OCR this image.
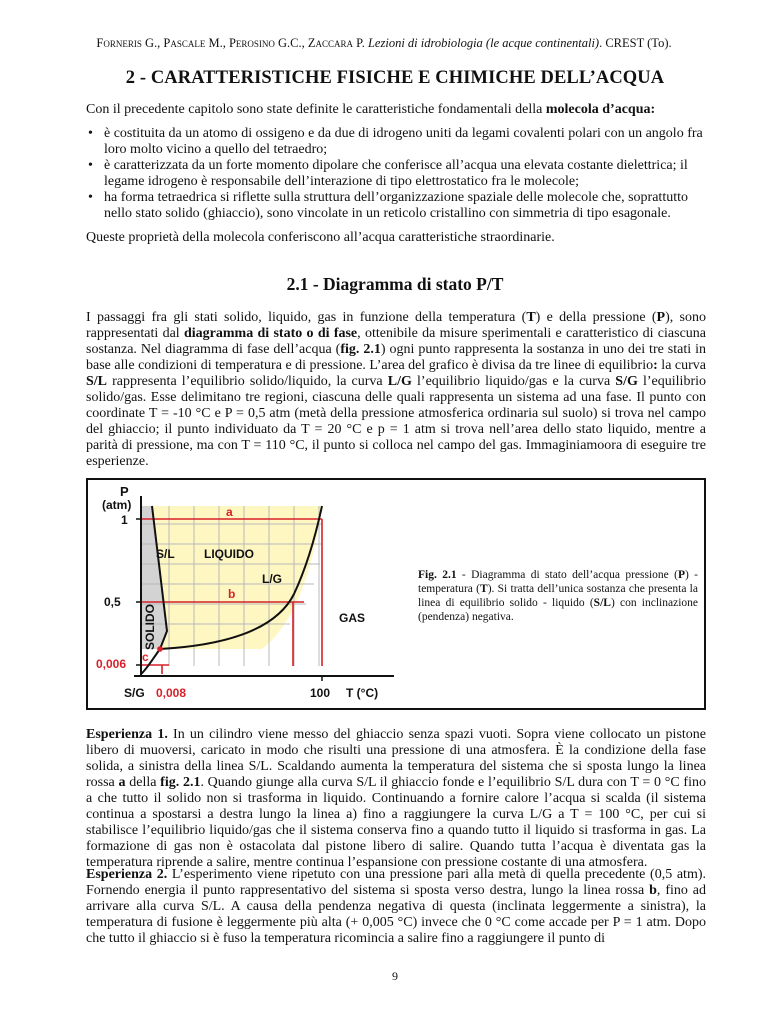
Forneris G., Pascale M., Perosino G.C., Zaccara P. Lezioni di idrobiologia (le acque continentali). CREST (To).
2 - CARATTERISTICHE FISICHE E CHIMICHE DELL’ACQUA
Con il precedente capitolo sono state definite le caratteristiche fondamentali della molecola d’acqua:
• è costituita da un atomo di ossigeno e da due di idrogeno uniti da legami covalenti polari con un angolo fra loro molto vicino a quello del tetraedro;
• è caratterizzata da un forte momento dipolare che conferisce all’acqua una elevata costante dielettrica; il legame idrogeno è responsabile dell’interazione di tipo elettrostatico fra le molecole;
• ha forma tetraedrica si riflette sulla struttura dell’organizzazione spaziale delle molecole che, soprattutto nello stato solido (ghiaccio), sono vincolate in un reticolo cristallino con simmetria di tipo esagonale.
Queste proprietà della molecola conferiscono all’acqua caratteristiche straordinarie.
2.1 - Diagramma di stato P/T
I passaggi fra gli stati solido, liquido, gas in funzione della temperatura (T) e della pressione (P), sono rappresentati dal diagramma di stato o di fase, ottenibile da misure sperimentali e caratteristico di ciascuna sostanza. Nel diagramma di fase dell’acqua (fig. 2.1) ogni punto rappresenta la sostanza in uno dei tre stati in base alle condizioni di temperatura e di pressione. L’area del grafico è divisa da tre linee di equilibrio: la curva S/L rappresenta l’equilibrio solido/liquido, la curva L/G l’equilibrio liquido/gas e la curva S/G l’equilibrio solido/gas. Esse delimitano tre regioni, ciascuna delle quali rappresenta un sistema ad una fase. Il punto con coordinate T = -10 °C e P = 0,5 atm (metà della pressione atmosferica ordinaria sul suolo) si trova nel campo del ghiaccio; il punto individuato da T = 20 °C e p = 1 atm si trova nell’area dello stato liquido, mentre a parità di pressione, ma con T = 110 °C, il punto si colloca nel campo del gas. Immaginiamoora di eseguire tre esperienze.
P
(atm)
1
0,5
0,006
S/G 0,008	100 T (°C)
S/L LIQUIDO
L/G
GAS
SOLIDO
a
b
c
Fig. 2.1 - Diagramma di stato dell’acqua pressione (P) - temperatura (T). Si tratta dell’unica sostanza che presenta la linea di equilibrio solido - liquido (S/L) con inclinazione (pendenza) negativa.
Esperienza 1. In un cilindro viene messo del ghiaccio senza spazi vuoti. Sopra viene collocato un pistone libero di muoversi, caricato in modo che risulti una pressione di una atmosfera. È la condizione della fase solida, a sinistra della linea S/L. Scaldando aumenta la temperatura del sistema che si sposta lungo la linea rossa a della fig. 2.1. Quando giunge alla curva S/L il ghiaccio fonde e l’equilibrio S/L dura con T = 0 °C fino a che tutto il solido non si trasforma in liquido. Continuando a fornire calore l’acqua si scalda (il sistema continua a spostarsi a destra lungo la linea a) fino a raggiungere la curva L/G a T = 100 °C, per cui si stabilisce l’equilibrio liquido/gas che il sistema conserva fino a quando tutto il liquido si trasforma in gas. La formazione di gas non è ostacolata dal pistone libero di salire. Quando tutta l’acqua è diventata gas la temperatura riprende a salire, mentre continua l’espansione con pressione costante di una atmosfera.
Esperienza 2. L’esperimento viene ripetuto con una pressione pari alla metà di quella precedente (0,5 atm). Fornendo energia il punto rappresentativo del sistema si sposta verso destra, lungo la linea rossa b, fino ad arrivare alla curva S/L. A causa della pendenza negativa di questa (inclinata leggermente a sinistra), la temperatura di fusione è leggermente più alta (+ 0,005 °C) invece che 0 °C come accade per P = 1 atm. Dopo che tutto il ghiaccio si è fuso la temperatura ricomincia a salire fino a raggiungere il punto di
9
